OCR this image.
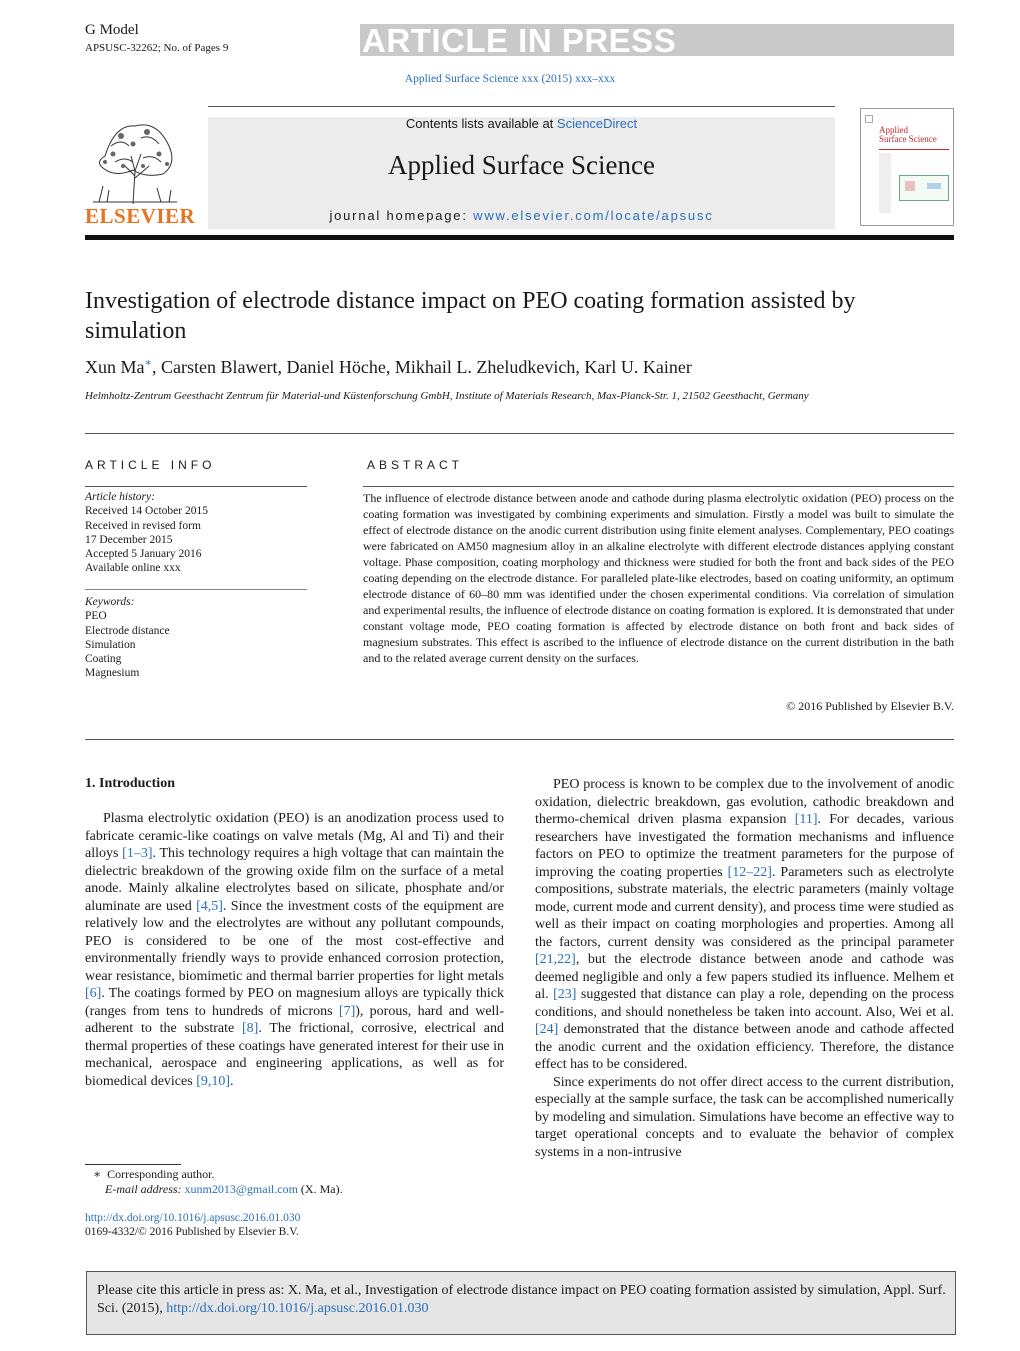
G Model
APSUSC-32262; No. of Pages 9	ARTICLE IN PRESS
Applied Surface Science xxx (2015) xxx–xxx
ELSEVIER
Contents lists available at ScienceDirect
Applied Surface Science
journal homepage: www.elsevier.com/locate/apsusc
Applied
Surface Science
Investigation of electrode distance impact on PEO coating formation assisted by simulation
Xun Ma∗, Carsten Blawert, Daniel Höche, Mikhail L. Zheludkevich, Karl U. Kainer
Helmholtz-Zentrum Geesthacht Zentrum für Material-und Küstenforschung GmbH, Institute of Materials Research, Max-Planck-Str. 1, 21502 Geesthacht, Germany
ARTICLE INFO
Article history:
Received 14 October 2015
Received in revised form
17 December 2015
Accepted 5 January 2016
Available online xxx
Keywords:
PEO
Electrode distance
Simulation
Coating
Magnesium
ABSTRACT
The influence of electrode distance between anode and cathode during plasma electrolytic oxidation (PEO) process on the coating formation was investigated by combining experiments and simulation. Firstly a model was built to simulate the effect of electrode distance on the anodic current distribution using finite element analyses. Complementary, PEO coatings were fabricated on AM50 magnesium alloy in an alkaline electrolyte with different electrode distances applying constant voltage. Phase composition, coating morphology and thickness were studied for both the front and back sides of the PEO coating depending on the electrode distance. For paralleled plate-like electrodes, based on coating uniformity, an optimum electrode distance of 60–80 mm was identified under the chosen experimental conditions. Via correlation of simulation and experimental results, the influence of electrode distance on coating formation is explored. It is demonstrated that under constant voltage mode, PEO coating formation is affected by electrode distance on both front and back sides of magnesium substrates. This effect is ascribed to the influence of electrode distance on the current distribution in the bath and to the related average current density on the surfaces.
© 2016 Published by Elsevier B.V.
1. Introduction

Plasma electrolytic oxidation (PEO) is an anodization process used to fabricate ceramic-like coatings on valve metals (Mg, Al and Ti) and their alloys [1–3]. This technology requires a high voltage that can maintain the dielectric breakdown of the growing oxide film on the surface of a metal anode. Mainly alkaline electrolytes based on silicate, phosphate and/or aluminate are used [4,5]. Since the investment costs of the equipment are relatively low and the electrolytes are without any pollutant compounds, PEO is considered to be one of the most cost-effective and environmentally friendly ways to provide enhanced corrosion protection, wear resistance, biomimetic and thermal barrier properties for light metals [6]. The coatings formed by PEO on magnesium alloys are typically thick (ranges from tens to hundreds of microns [7]), porous, hard and well-adherent to the substrate [8]. The frictional, corrosive, electrical and thermal properties of these coatings have generated interest for their use in mechanical, aerospace and engineering applications, as well as for biomedical devices [9,10].

∗ Corresponding author.
E-mail address: xunm2013@gmail.com (X. Ma).
http://dx.doi.org/10.1016/j.apsusc.2016.01.030
0169-4332/© 2016 Published by Elsevier B.V.

PEO process is known to be complex due to the involvement of anodic oxidation, dielectric breakdown, gas evolution, cathodic breakdown and thermo-chemical driven plasma expansion [11]. For decades, various researchers have investigated the formation mechanisms and influence factors on PEO to optimize the treatment parameters for the purpose of improving the coating properties [12–22]. Parameters such as electrolyte compositions, substrate materials, the electric parameters (mainly voltage mode, current mode and current density), and process time were studied as well as their impact on coating morphologies and properties. Among all the factors, current density was considered as the principal parameter [21,22], but the electrode distance between anode and cathode was deemed negligible and only a few papers studied its influence. Melhem et al. [23] suggested that distance can play a role, depending on the process conditions, and should nonetheless be taken into account. Also, Wei et al. [24] demonstrated that the distance between anode and cathode affected the anodic current and the oxidation efficiency. Therefore, the distance effect has to be considered.

Since experiments do not offer direct access to the current distribution, especially at the sample surface, the task can be accomplished numerically by modeling and simulation. Simulations have become an effective way to target operational concepts and to evaluate the behavior of complex systems in a non-intrusive

Please cite this article in press as: X. Ma, et al., Investigation of electrode distance impact on PEO coating formation assisted by simulation, Appl. Surf. Sci. (2015), http://dx.doi.org/10.1016/j.apsusc.2016.01.030
